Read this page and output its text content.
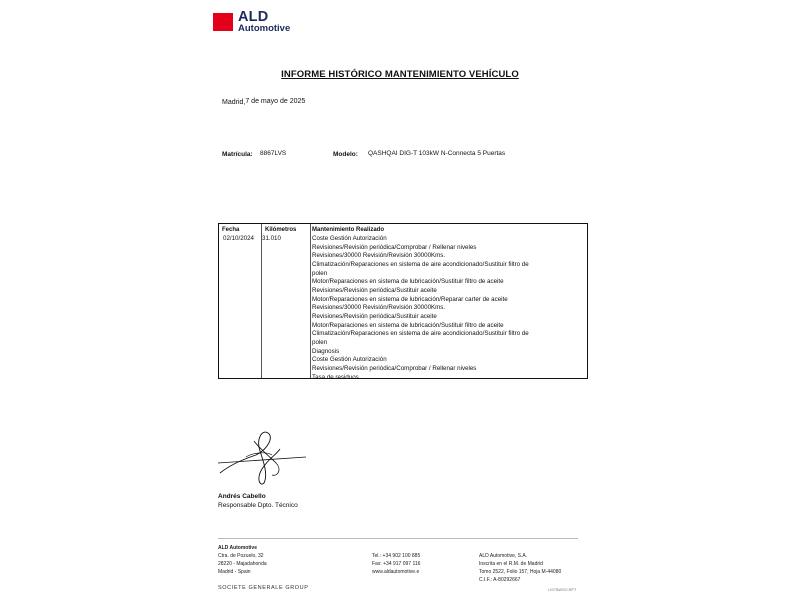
ALD
Automotive
INFORME HISTÓRICO MANTENIMIENTO VEHÍCULO
Madrid,7 de mayo de 2025
Matrícula: 8867LVS	Modelo: QASHQAI DIG-T 103kW N-Connecta 5 Puertas
Fecha	Kilómetros	Mantenimiento Realizado
02/10/2024 31.010	Coste Gestión Autorización
Revisiones/Revisión periódica/Comprobar / Rellenar niveles
Revisiones/30000 Revisión/Revisión 30000Kms.
Climatización/Reparaciones en sistema de aire acondicionado/Sustituir filtro de
polen
Motor/Reparaciones en sistema de lubricación/Sustituir filtro de aceite
Revisiones/Revisión periódica/Sustituir aceite
Motor/Reparaciones en sistema de lubricación/Reparar carter de aceite
Revisiones/30000 Revisión/Revisión 30000Kms.
Revisiones/Revisión periódica/Sustituir aceite
Motor/Reparaciones en sistema de lubricación/Sustituir filtro de aceite
Climatización/Reparaciones en sistema de aire acondicionado/Sustituir filtro de
polen
Diagnosis
Coste Gestión Autorización
Revisiones/Revisión periódica/Comprobar / Rellenar niveles
Tasa de residuos
Andrés Cabello
Responsable Dpto. Técnico
ALD Automotive
Ctra. de Pozuelo, 32
28220 - Majadahonda
Madrid - Spain
Tel.: +34 902 100 885
Fax: +34 917 097 116
www.aldautomotive.e
ALD Automotive, S.A.
Inscrita en el R.M. de Madrid
Tomo 2522, Folio 157, Hoja M-44080
C.I.F.: A-80292667
SOCIETE GENERALE GROUP	LISTBWSO.RPT
